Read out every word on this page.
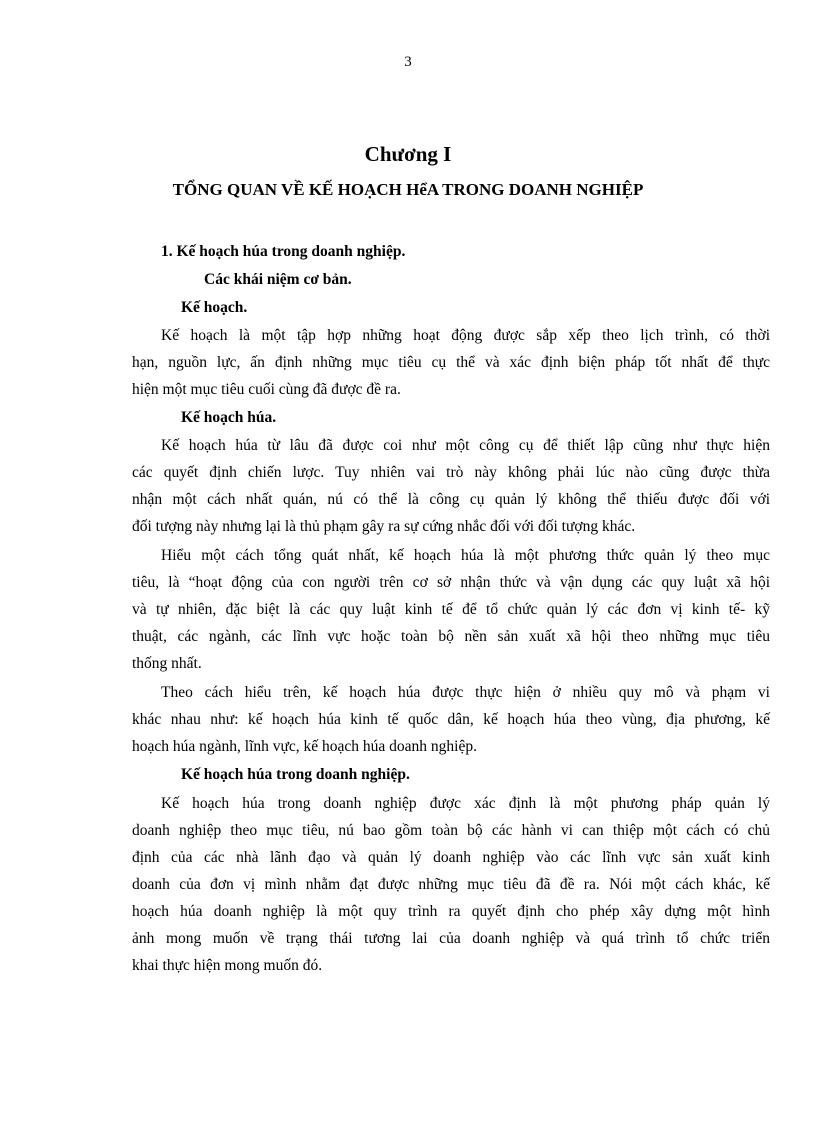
3
Chương I
TỔNG QUAN VỀ KẾ HOẠCH HểA TRONG DOANH NGHIỆP
1. Kế hoạch húa trong doanh nghiệp.
Các khái niệm cơ bản.
Kế hoạch.
Kế hoạch là một tập hợp những hoạt động được sắp xếp theo lịch trình, có thời
hạn, nguồn lực, ấn định những mục tiêu cụ thể và xác định biện pháp tốt nhất để thực
hiện một mục tiêu cuối cùng đã được đề ra.
Kế hoạch húa.
Kế hoạch húa từ lâu đã được coi như một công cụ để thiết lập cũng như thực hiện
các quyết định chiến lược. Tuy nhiên vai trò này không phải lúc nào cũng được thừa
nhận một cách nhất quán, nú có thể là công cụ quản lý không thể thiếu được đối với
đối tượng này nhưng lại là thủ phạm gây ra sự cứng nhắc đối với đối tượng khác.
Hiểu một cách tổng quát nhất, kế hoạch húa là một phương thức quản lý theo mục
tiêu, là “hoạt động của con người trên cơ sở nhận thức và vận dụng các quy luật xã hội
và tự nhiên, đặc biệt là các quy luật kinh tế để tổ chức quản lý các đơn vị kinh tế- kỹ
thuật, các ngành, các lĩnh vực hoặc toàn bộ nền sản xuất xã hội theo những mục tiêu
thống nhất.
Theo cách hiểu trên, kế hoạch húa được thực hiện ở nhiều quy mô và phạm vi
khác nhau như: kế hoạch húa kinh tế quốc dân, kế hoạch húa theo vùng, địa phương, kế
hoạch húa ngành, lĩnh vực, kế hoạch húa doanh nghiệp.
Kế hoạch húa trong doanh nghiệp.
Kế hoạch húa trong doanh nghiệp được xác định là một phương pháp quản lý
doanh nghiệp theo mục tiêu, nú bao gồm toàn bộ các hành vi can thiệp một cách có chủ
định của các nhà lãnh đạo và quản lý doanh nghiệp vào các lĩnh vực sản xuất kinh
doanh của đơn vị mình nhằm đạt được những mục tiêu đã đề ra. Nói một cách khác, kế
hoạch húa doanh nghiệp là một quy trình ra quyết định cho phép xây dựng một hình
ảnh mong muốn về trạng thái tương lai của doanh nghiệp và quá trình tổ chức triển
khai thực hiện mong muốn đó.
